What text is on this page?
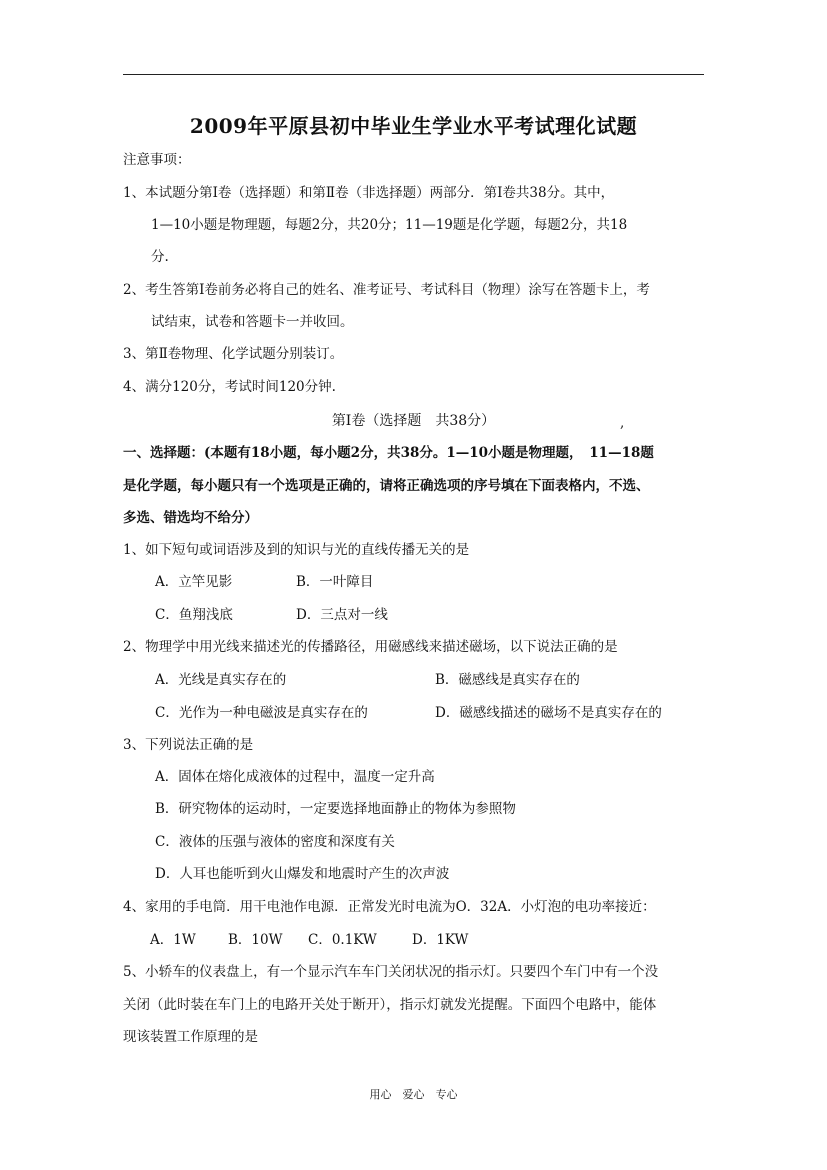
2009年平原县初中毕业生学业水平考试理化试题
注意事项：
1、本试题分第Ⅰ卷（选择题）和第Ⅱ卷（非选择题）两部分．第Ⅰ卷共38分。其中，
1—10小题是物理题，每题2分，共20分；11—19题是化学题，每题2分，共18
分.
2、考生答第Ⅰ卷前务必将自己的姓名、准考证号、考试科目（物理）涂写在答题卡上，考
试结束，试卷和答题卡一并收回。
3、第Ⅱ卷物理、化学试题分别装订。
4、满分120分，考试时间120分钟.
第Ⅰ卷（选择题　共38分）	,
一、选择题：(本题有18小题，每小题2分，共38分。1—10小题是物理题，　11—18题
是化学题，每小题只有一个选项是正确的，请将正确选项的序号填在下面表格内，不选、
多选、错选均不给分）
1、如下短句或词语涉及到的知识与光的直线传播无关的是
A．立竿见影	B．一叶障目
C．鱼翔浅底	D．三点对一线
2、物理学中用光线来描述光的传播路径，用磁感线来描述磁场，以下说法正确的是
A．光线是真实存在的	B．磁感线是真实存在的
C．光作为一种电磁波是真实存在的	D．磁感线描述的磁场不是真实存在的
3、下列说法正确的是
A．固体在熔化成液体的过程中，温度一定升高
B．研究物体的运动时，一定要选择地面静止的物体为参照物
C．液体的压强与液体的密度和深度有关
D．人耳也能听到火山爆发和地震时产生的次声波
4、家用的手电筒．用干电池作电源．正常发光时电流为O．32A．小灯泡的电功率接近：
A．1W B．10W C．0.1KW	D．1KW
5、小轿车的仪表盘上，有一个显示汽车车门关闭状况的指示灯。只要四个车门中有一个没
关闭（此时装在车门上的电路开关处于断开），指示灯就发光提醒。下面四个电路中，能体
现该装置工作原理的是
用心　爱心　专心
